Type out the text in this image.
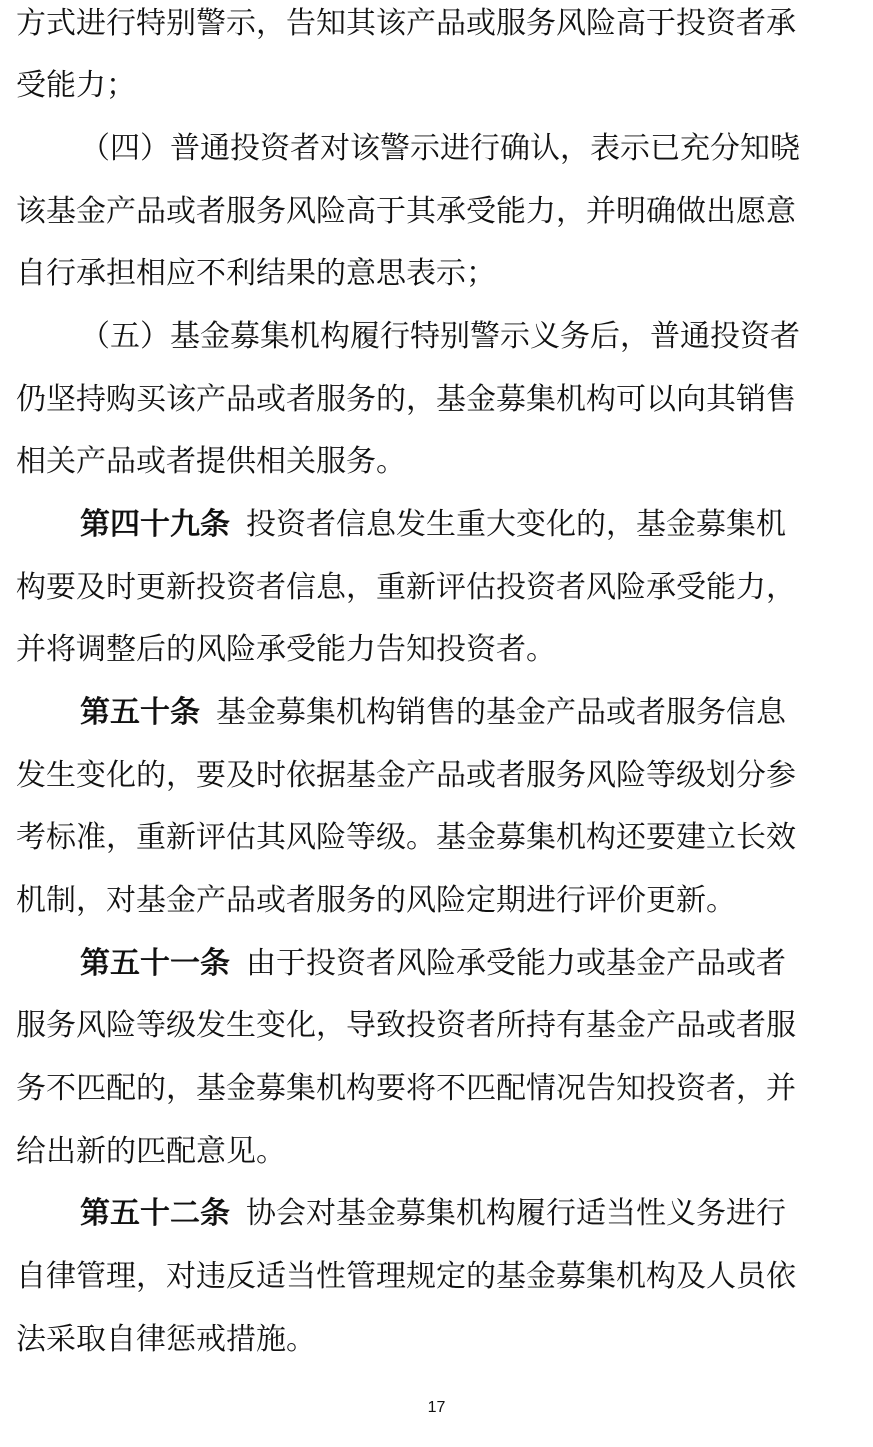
方式进行特别警示，告知其该产品或服务风险高于投资者承
受能力；
（四）普通投资者对该警示进行确认，表示已充分知晓
该基金产品或者服务风险高于其承受能力，并明确做出愿意
自行承担相应不利结果的意思表示；
（五）基金募集机构履行特别警示义务后，普通投资者
仍坚持购买该产品或者服务的，基金募集机构可以向其销售
相关产品或者提供相关服务。
第四十九条 投资者信息发生重大变化的，基金募集机
构要及时更新投资者信息，重新评估投资者风险承受能力，
并将调整后的风险承受能力告知投资者。
第五十条 基金募集机构销售的基金产品或者服务信息
发生变化的，要及时依据基金产品或者服务风险等级划分参
考标准，重新评估其风险等级。基金募集机构还要建立长效
机制，对基金产品或者服务的风险定期进行评价更新。
第五十一条 由于投资者风险承受能力或基金产品或者
服务风险等级发生变化，导致投资者所持有基金产品或者服
务不匹配的，基金募集机构要将不匹配情况告知投资者，并
给出新的匹配意见。
第五十二条 协会对基金募集机构履行适当性义务进行
自律管理，对违反适当性管理规定的基金募集机构及人员依
法采取自律惩戒措施。
17
